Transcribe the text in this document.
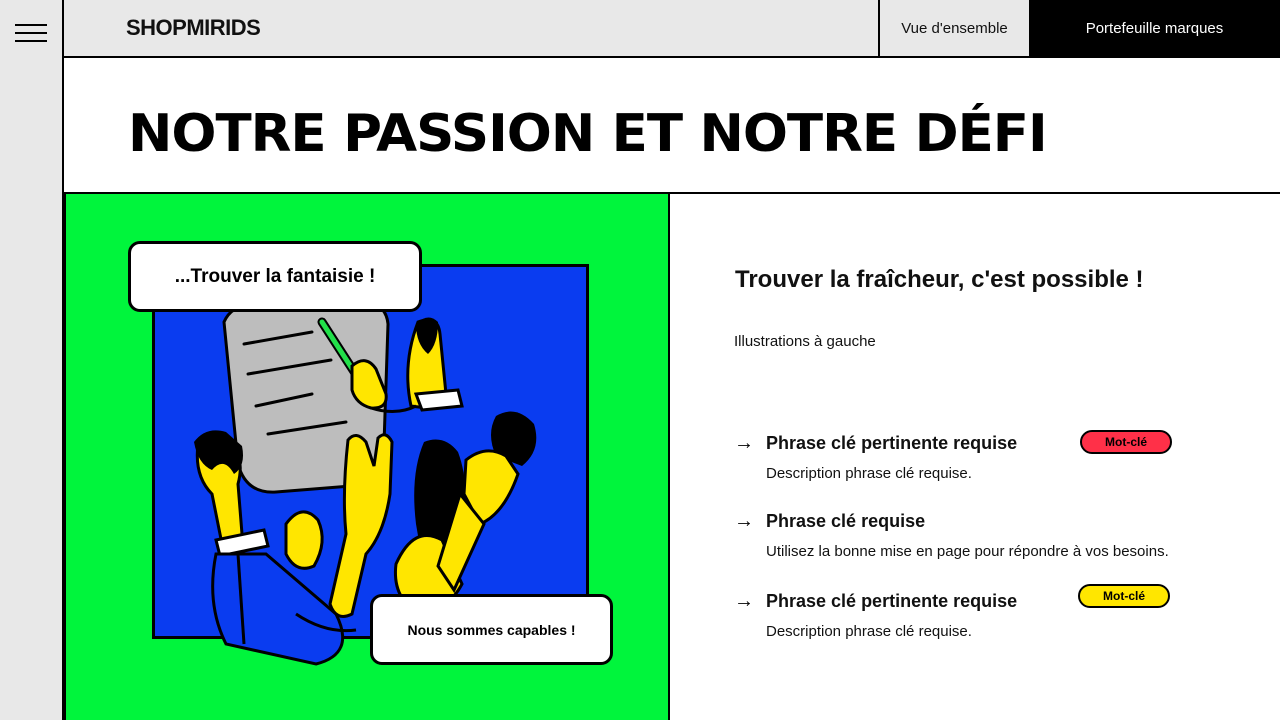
SHOPMIRIDS	Vue d'ensemble	Portefeuille marques
NOTRE PASSION ET NOTRE DÉFI
...Trouver la fantaisie !
Nous sommes capables !
Trouver la fraîcheur, c'est possible !
Illustrations à gauche
→ Phrase clé pertinente requise
Description phrase clé requise.
Mot-clé
→ Phrase clé requise
Utilisez la bonne mise en page pour répondre à vos besoins.
→ Phrase clé pertinente requise
Description phrase clé requise.
Mot-clé
